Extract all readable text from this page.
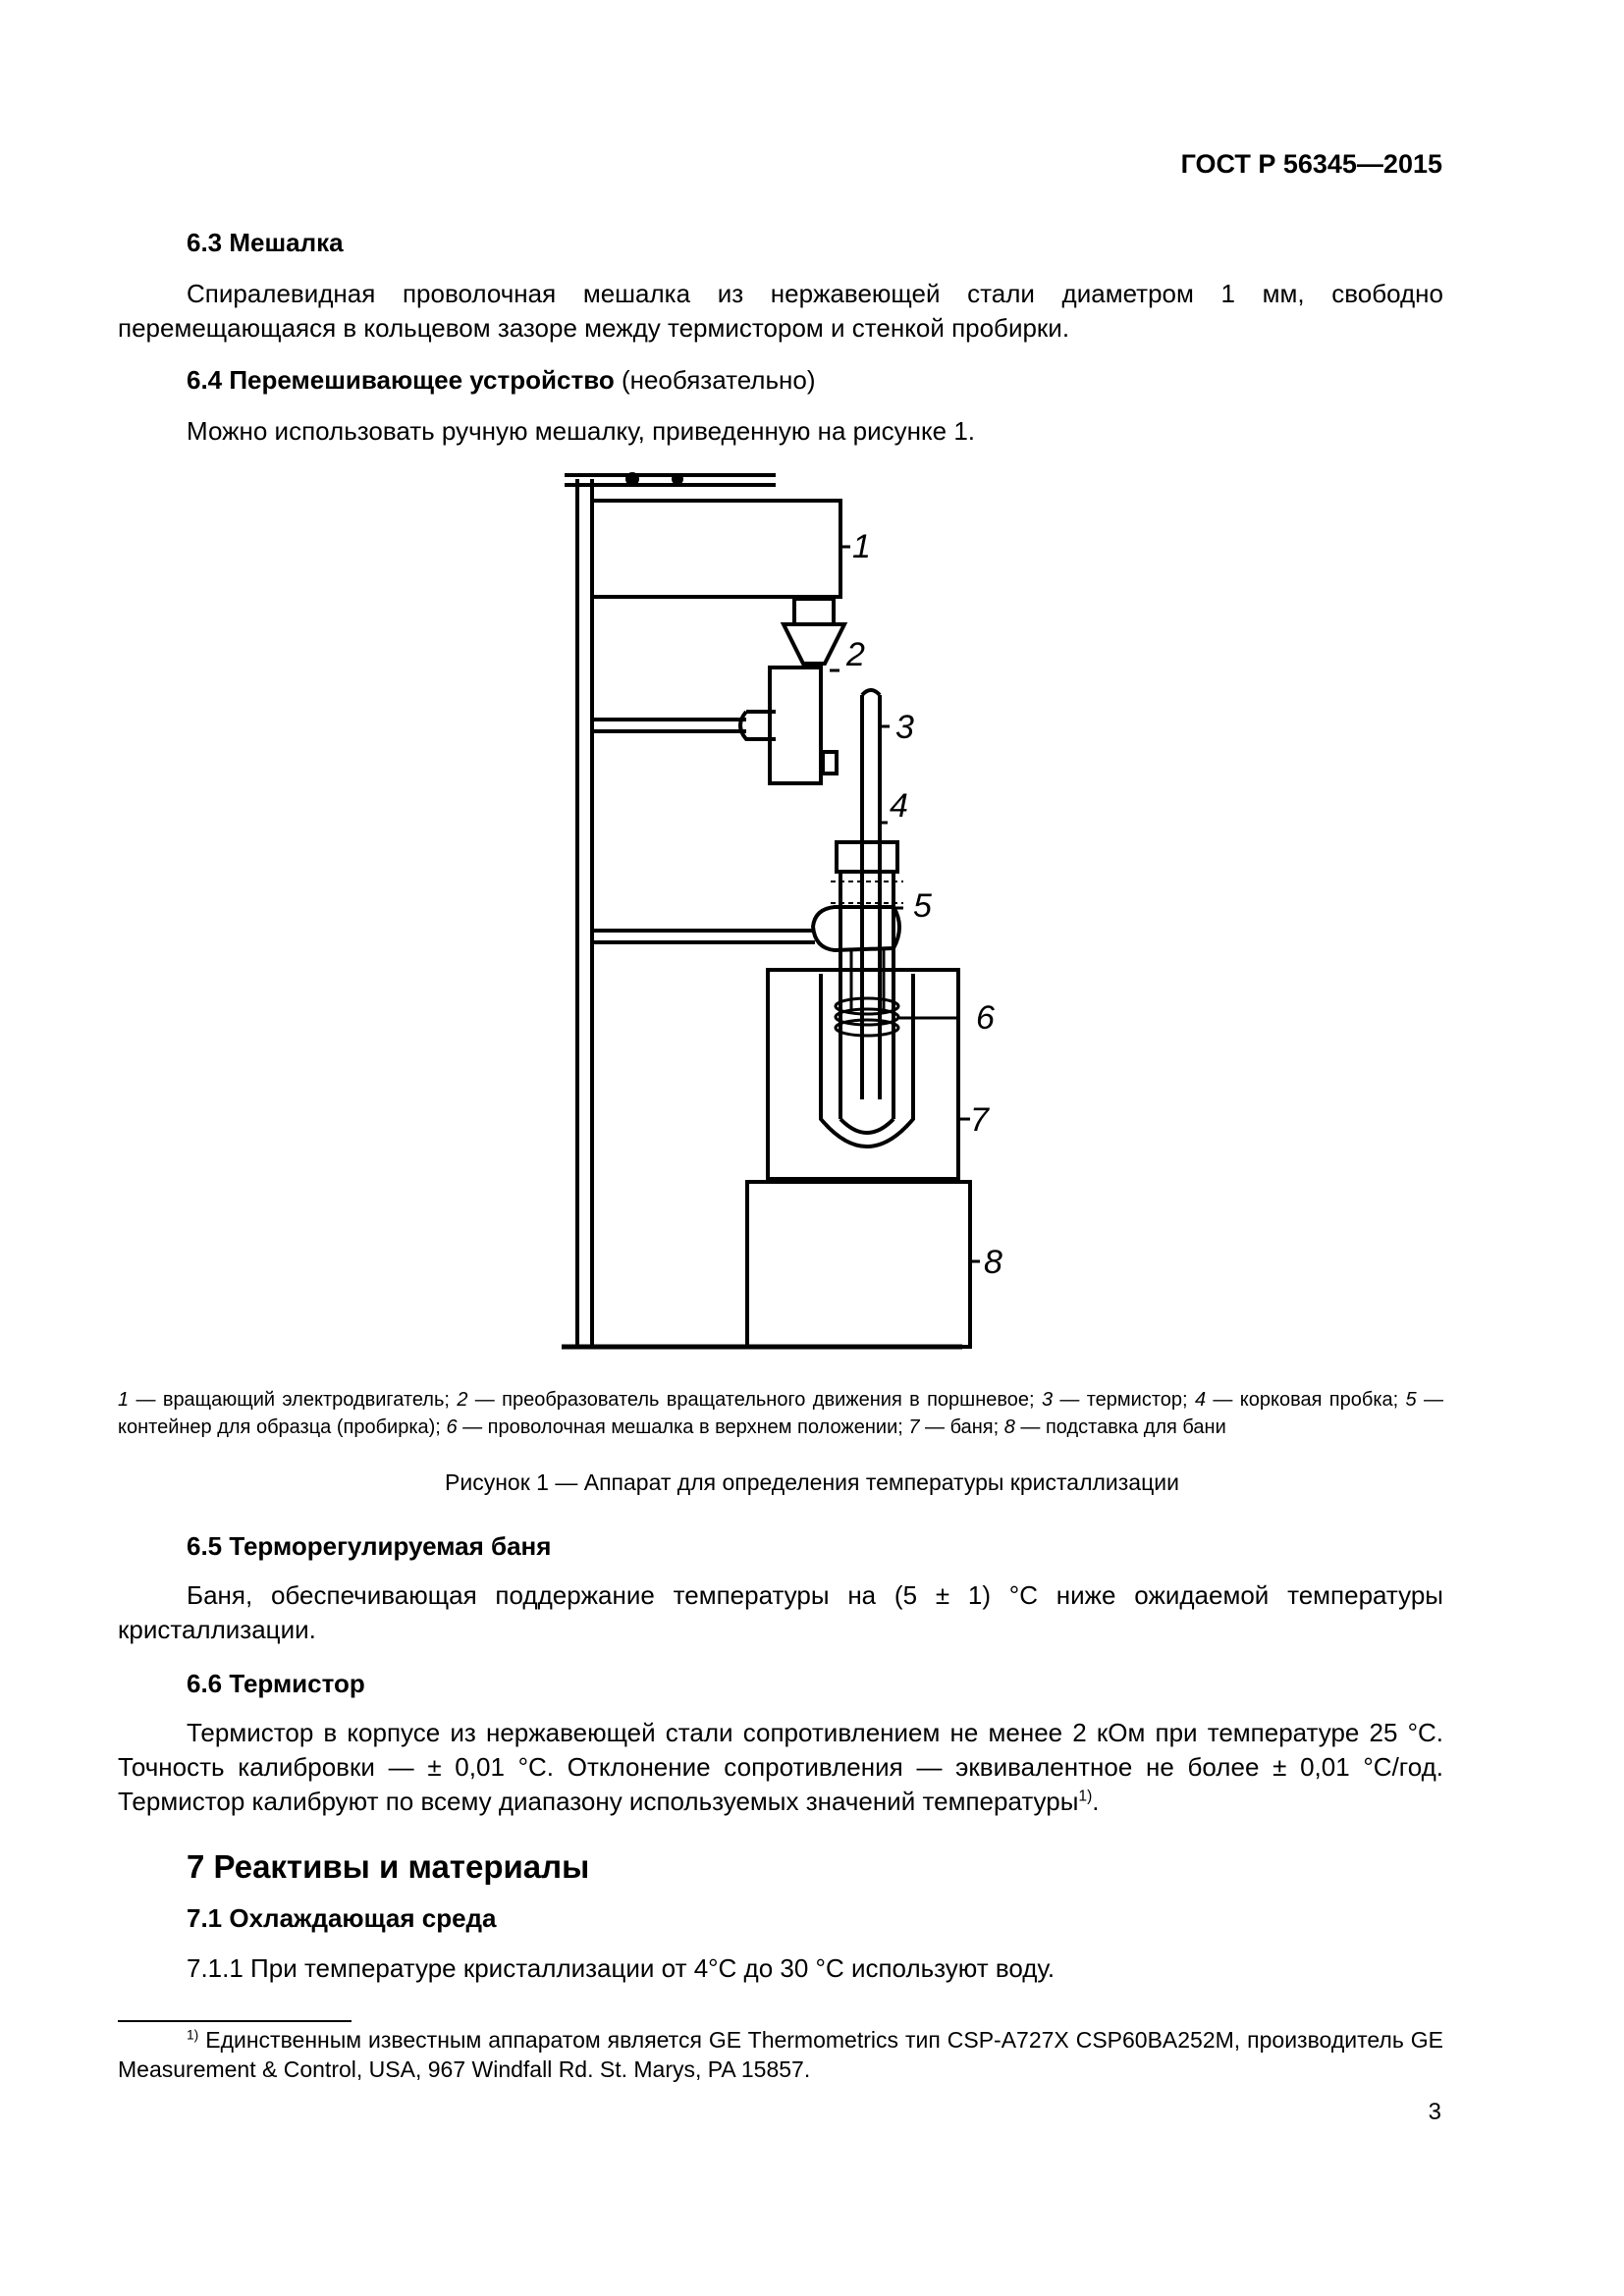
ГОСТ Р 56345—2015
6.3 Мешалка
Спиралевидная проволочная мешалка из нержавеющей стали диаметром 1 мм, свободно перемещающаяся в кольцевом зазоре между термистором и стенкой пробирки.
6.4 Перемешивающее устройство (необязательно)
Можно использовать ручную мешалку, приведенную на рисунке 1.
1
2
3
4
5
6
7
8
1 — вращающий электродвигатель; 2 — преобразователь вращательного движения в поршневое; 3 — термистор; 4 — корковая пробка; 5 — контейнер для образца (пробирка); 6 — проволочная мешалка в верхнем положении; 7 — баня; 8 — подставка для бани
Рисунок 1 — Аппарат для определения температуры кристаллизации
6.5 Терморегулируемая баня
Баня, обеспечивающая поддержание температуры на (5 ± 1) °С ниже ожидаемой температуры кристаллизации.
6.6 Термистор
Термистор в корпусе из нержавеющей стали сопротивлением не менее 2 кОм при температуре 25 °С. Точность калибровки — ± 0,01 °С. Отклонение сопротивления — эквивалентное не более ± 0,01 °С/год. Термистор калибруют по всему диапазону используемых значений температуры$^{1)}$.
7 Реактивы и материалы
7.1 Охлаждающая среда
7.1.1 При температуре кристаллизации от 4°С до 30 °С используют воду.
$^{1)}$ Единственным известным аппаратом является GE Thermometrics тип CSP-A727X CSP60BA252M, производитель GE Measurement & Control, USA, 967 Windfall Rd. St. Marys, PA 15857.
3
